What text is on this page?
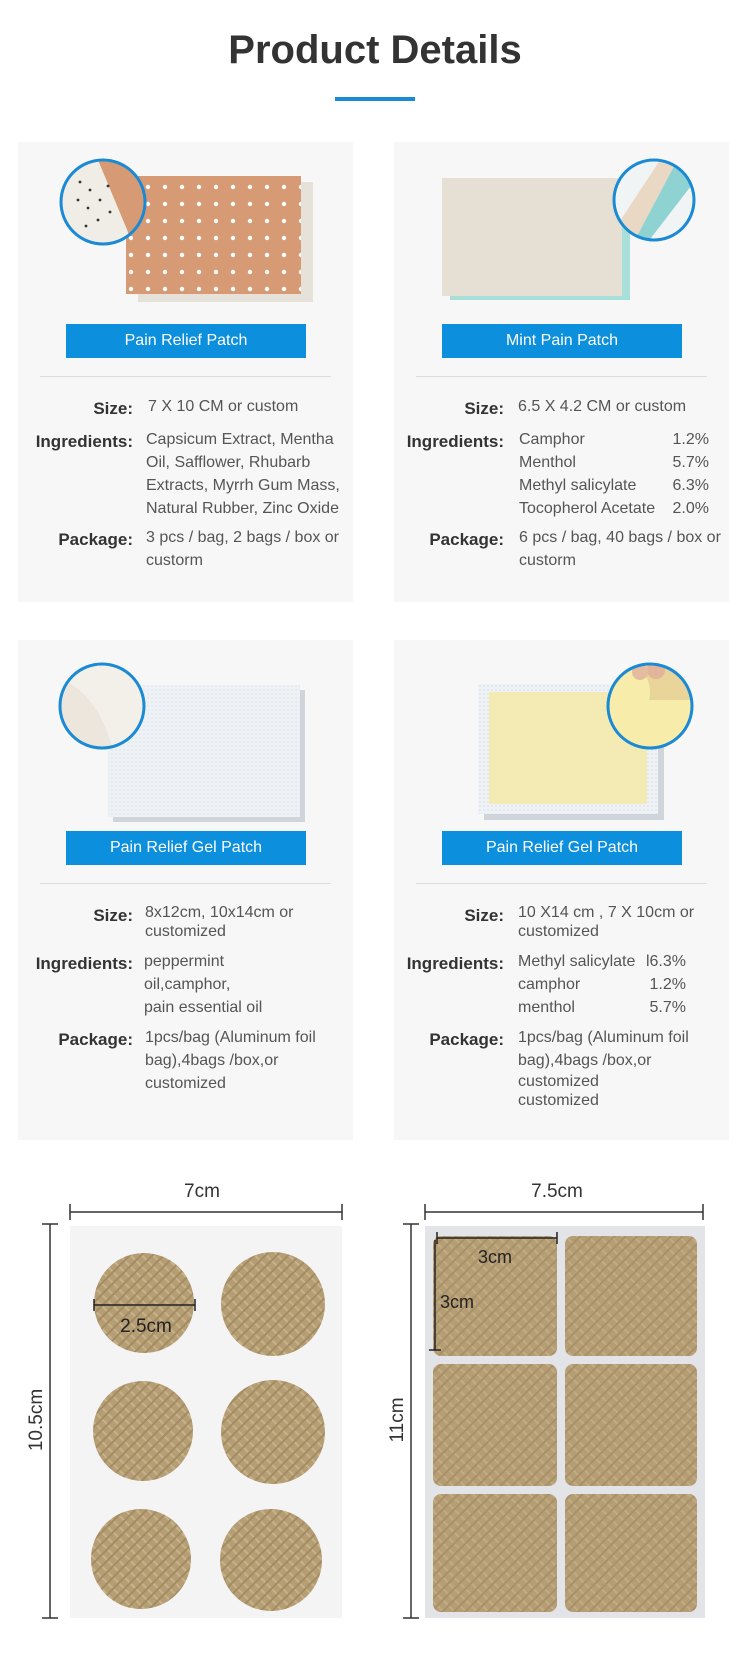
Product Details
Pain Relief Patch
Size: 7 X 10 CM or custom
Ingredients: Capsicum Extract, Mentha
Oil, Safflower, Rhubarb
Extracts, Myrrh Gum Mass,
Natural Rubber, Zinc Oxide
Package: 3 pcs / bag, 2 bags / box or
custorm
Mint Pain Patch
Size: 6.5 X 4.2 CM or custom
Ingredients: Camphor	1.2%
Menthol	5.7%
Methyl salicylate 6.3%
Tocopherol Acetate 2.0%
Package: 6 pcs / bag, 40 bags / box or
custorm
Pain Relief Gel Patch
Size: 8x12cm, 10x14cm or
customized
Ingredients: peppermint
oil,camphor,
pain essential oil
Package: 1pcs/bag (Aluminum foil
bag),4bags /box,or
customized
Pain Relief Gel Patch
Size: 10 X14 cm , 7 X 10cm or
customized
Ingredients: Methyl salicylate l6.3%
camphor	1.2%
menthol	5.7%
Package: 1pcs/bag (Aluminum foil
bag),4bags /box,or
customized
customized
7cm
10.5cm
2.5cm
7.5cm
11cm
3cm
3cm
